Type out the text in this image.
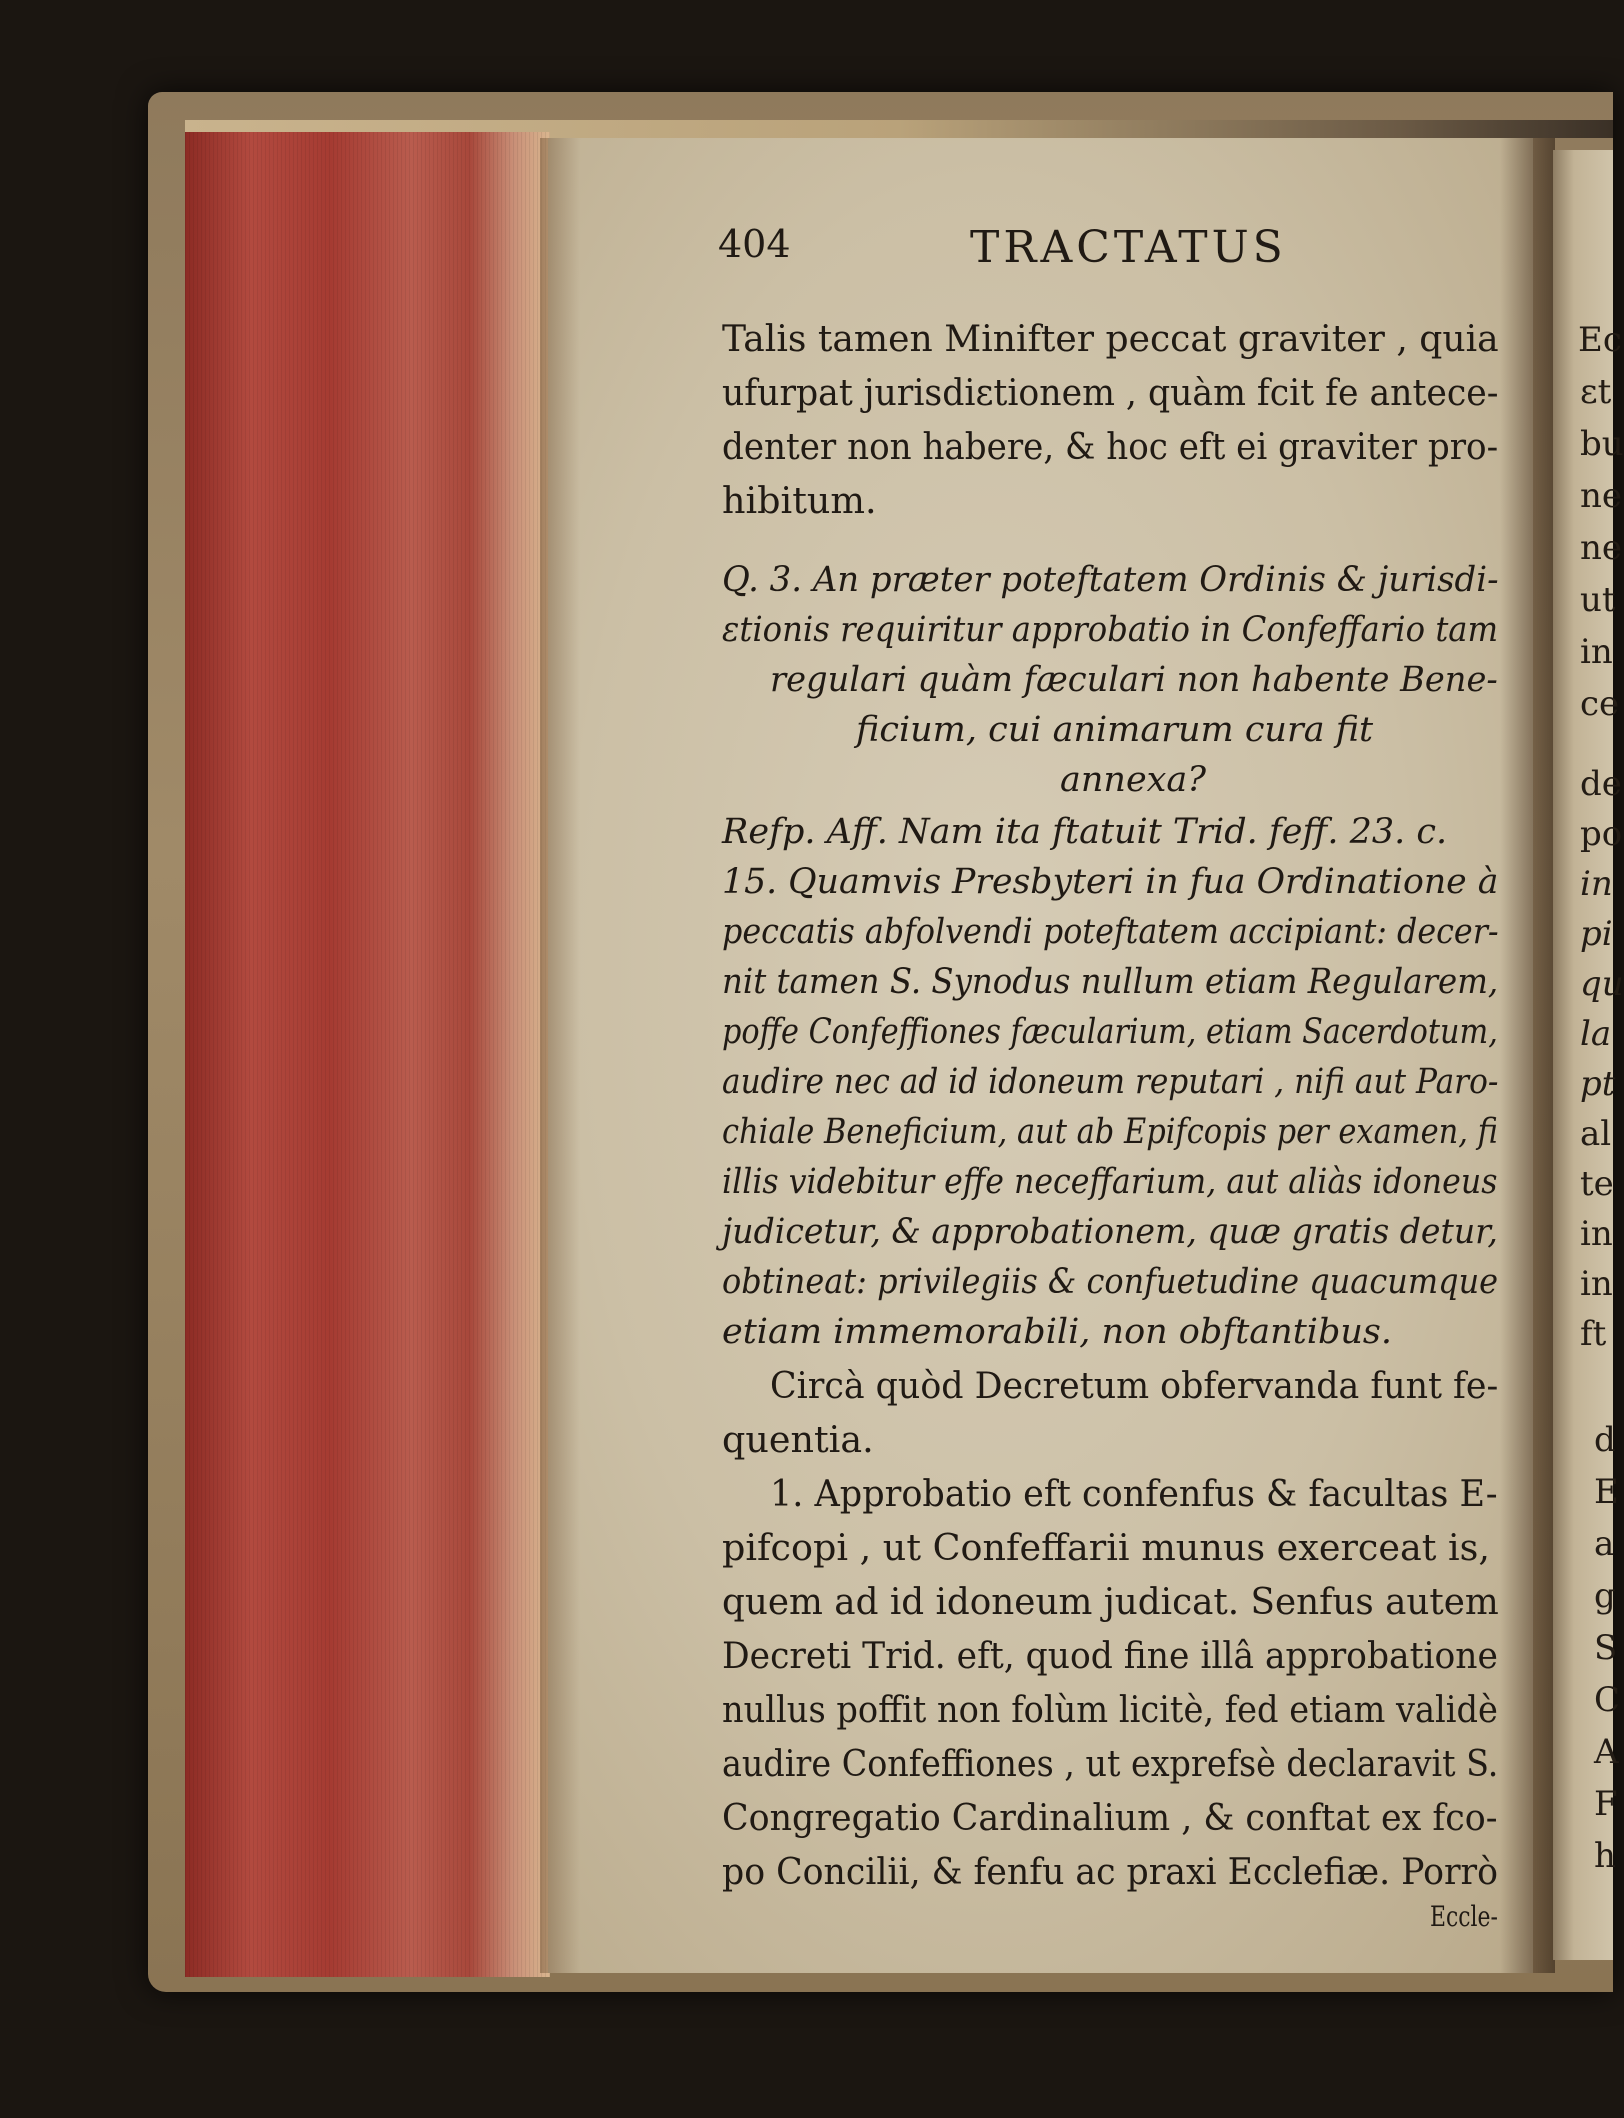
404	TRACTATUS
Talis tamen Minifter peccat graviter , quia
ufurpat jurisdiɛtionem , quàm fcit fe antece-
denter non habere, & hoc eft ei graviter pro-
hibitum.
Q. 3. An præter poteftatem Ordinis & jurisdi-
ɛtionis requiritur approbatio in Confeffario tam
regulari quàm fæculari non habente Bene-
ficium, cui animarum cura fit
annexa?
Refp. Aff. Nam ita ftatuit Trid. feff. 23. c.
15. Quamvis Presbyteri in fua Ordinatione à
peccatis abfolvendi poteftatem accipiant: decer-
nit tamen S. Synodus nullum etiam Regularem,
poffe Confeffiones fæcularium, etiam Sacerdotum,
audire nec ad id idoneum reputari , nifi aut Paro-
chiale Beneficium, aut ab Epifcopis per examen, fi
illis videbitur effe neceffarium, aut aliàs idoneus
judicetur, & approbationem, quæ gratis detur,
obtineat: privilegiis & confuetudine quacumque
etiam immemorabili, non obftantibus.
Circà quòd Decretum obfervanda funt fe-
quentia.
1. Approbatio eft confenfus & facultas E-
pifcopi , ut Confeffarii munus exerceat is,
quem ad id idoneum judicat. Senfus autem
Decreti Trid. eft, quod fine illâ approbatione
nullus poffit non folùm licitè, fed etiam validè
audire Confeffiones , ut exprefsè declaravit S.
Congregatio Cardinalium , & conftat ex fco-
po Concilii, & fenfu ac praxi Ecclefiæ. Porrò
Eccle-
Ec
ɛt
bu
ne
ne
ut
in
ce
de
po
in
pi
qu
la
pt
al
te
in
in
ft
d
E
a
g
S
C
A
F
h
